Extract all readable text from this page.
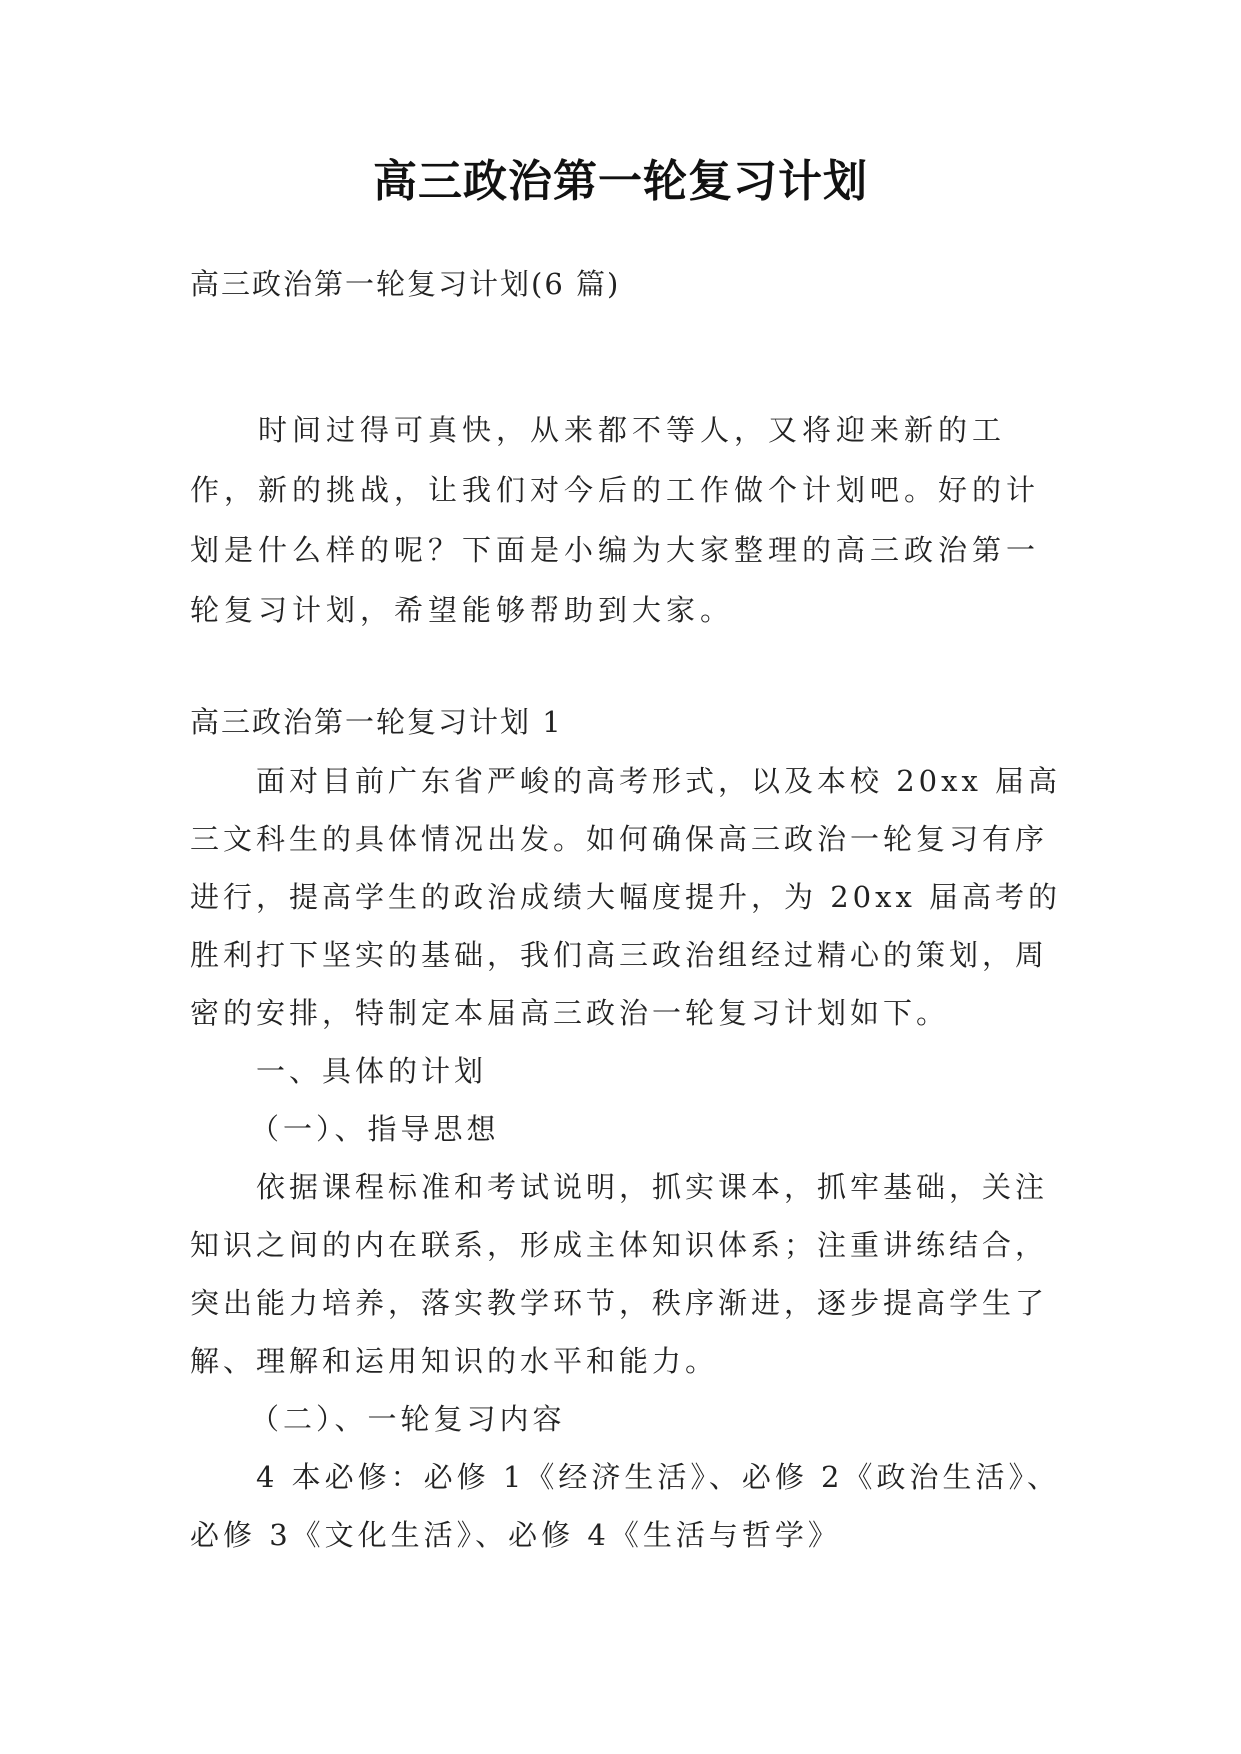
高三政治第一轮复习计划
高三政治第一轮复习计划(6 篇)

时间过得可真快，从来都不等人，又将迎来新的工作，新的挑战，让我们对今后的工作做个计划吧。好的计划是什么样的呢？下面是小编为大家整理的高三政治第一轮复习计划，希望能够帮助到大家。

高三政治第一轮复习计划 1

面对目前广东省严峻的高考形式，以及本校 20xx 届高三文科生的具体情况出发。如何确保高三政治一轮复习有序进行，提高学生的政治成绩大幅度提升，为 20xx 届高考的胜利打下坚实的基础，我们高三政治组经过精心的策划，周密的安排，特制定本届高三政治一轮复习计划如下。

一、具体的计划

（一）、指导思想

依据课程标准和考试说明，抓实课本，抓牢基础，关注知识之间的内在联系，形成主体知识体系；注重讲练结合，突出能力培养，落实教学环节，秩序渐进，逐步提高学生了解、理解和运用知识的水平和能力。

（二）、一轮复习内容

4 本必修：必修 1《经济生活》、必修 2《政治生活》、必修 3《文化生活》、必修 4《生活与哲学》
